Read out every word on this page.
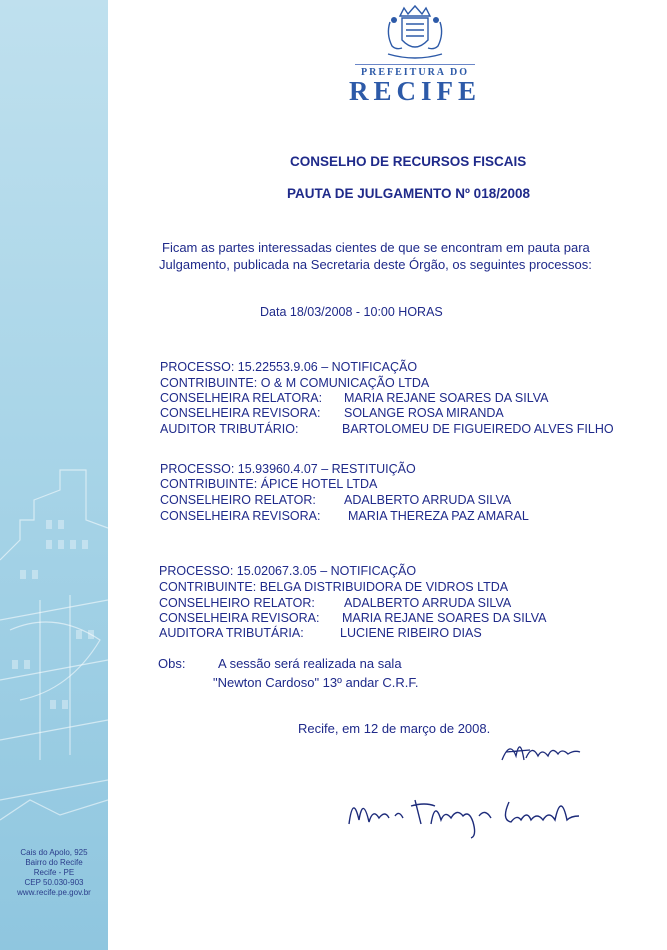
Cais do Apolo, 925
Bairro do Recife
Recife - PE
CEP 50.030-903
www.recife.pe.gov.br
PREFEITURA DO
RECIFE
CONSELHO DE RECURSOS FISCAIS
PAUTA DE JULGAMENTO Nº 018/2008
Ficam as partes interessadas cientes de que se encontram em pauta para
Julgamento, publicada na Secretaria deste Órgão, os seguintes processos:
Data 18/03/2008 - 10:00 HORAS
PROCESSO: 15.22553.9.06 – NOTIFICAÇÃO
CONTRIBUINTE: O & M COMUNICAÇÃO LTDA
CONSELHEIRA RELATORA: MARIA REJANE SOARES DA SILVA
CONSELHEIRA REVISORA: SOLANGE ROSA MIRANDA
AUDITOR TRIBUTÁRIO:	BARTOLOMEU DE FIGUEIREDO ALVES FILHO
PROCESSO: 15.93960.4.07 – RESTITUIÇÃO
CONTRIBUINTE: ÁPICE HOTEL LTDA
CONSELHEIRO RELATOR: ADALBERTO ARRUDA SILVA
CONSELHEIRA REVISORA: MARIA THEREZA PAZ AMARAL
PROCESSO: 15.02067.3.05 – NOTIFICAÇÃO
CONTRIBUINTE: BELGA DISTRIBUIDORA DE VIDROS LTDA
CONSELHEIRO RELATOR: ADALBERTO ARRUDA SILVA
CONSELHEIRA REVISORA: MARIA REJANE SOARES DA SILVA
AUDITORA TRIBUTÁRIA:	LUCIENE RIBEIRO DIAS
Obs:	A sessão será realizada na sala
"Newton Cardoso" 13º andar C.R.F.
Recife, em 12 de março de 2008.
